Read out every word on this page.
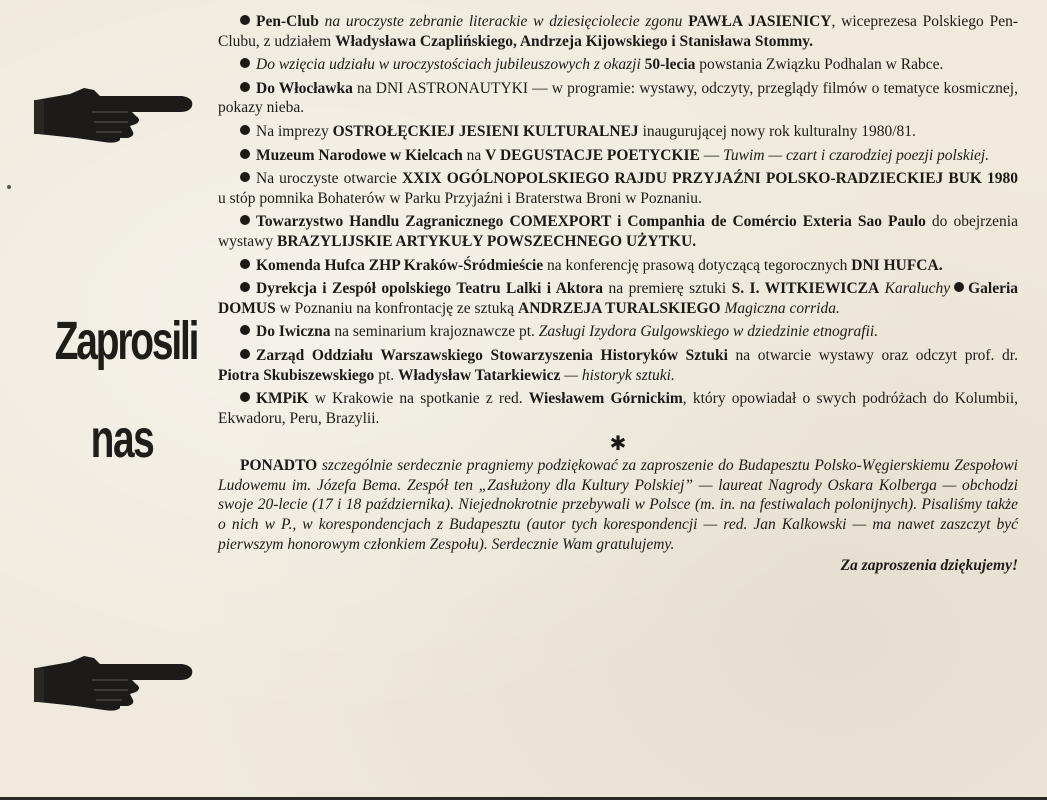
Zaprosili
nas

Pen-Club na uroczyste zebranie literackie w dziesięciolecie zgonu PAWŁA JASIENICY, wiceprezesa Polskiego Pen-Clubu, z udziałem Władysława Czaplińskiego, Andrzeja Kijowskiego i Stanisława Stommy.

Do wzięcia udziału w uroczystościach jubileuszowych z okazji 50-lecia powstania Związku Podhalan w Rabce.

Do Włocławka na DNI ASTRONAUTYKI — w programie: wystawy, odczyty, przeglądy filmów o tematyce kosmicznej, pokazy nieba.

Na imprezy OSTROŁĘCKIEJ JESIENI KULTURALNEJ inaugurującej nowy rok kulturalny 1980/81.

Muzeum Narodowe w Kielcach na V DEGUSTACJE POETYCKIE — Tuwim — czart i czarodziej poezji polskiej.

Na uroczyste otwarcie XXIX OGÓLNOPOLSKIEGO RAJDU PRZYJAŹNI POLSKO-RADZIECKIEJ BUK 1980 u stóp pomnika Bohaterów w Parku Przyjaźni i Braterstwa Broni w Poznaniu.

Towarzystwo Handlu Zagranicznego COMEXPORT i Companhia de Comércio Exteria Sao Paulo do obejrzenia wystawy BRAZYLIJSKIE ARTYKUŁY POWSZECHNEGO UŻYTKU.

Komenda Hufca ZHP Kraków-Śródmieście na konferencję prasową dotyczącą tegorocznych DNI HUFCA.

Dyrekcja i Zespół opolskiego Teatru Lalki i Aktora na premierę sztuki S. I. WITKIEWICZA Karaluchy Galeria DOMUS w Poznaniu na konfrontację ze sztuką ANDRZEJA TURALSKIEGO Magiczna corrida.

Do Iwiczna na seminarium krajoznawcze pt. Zasługi Izydora Gulgowskiego w dziedzinie etnografii.

Zarząd Oddziału Warszawskiego Stowarzyszenia Historyków Sztuki na otwarcie wystawy oraz odczyt prof. dr. Piotra Skubiszewskiego pt. Władysław Tatarkiewicz — historyk sztuki.

KMPiK w Krakowie na spotkanie z red. Wiesławem Górnickim, który opowiadał o swych podróżach do Kolumbii, Ekwadoru, Peru, Brazylii.

✱

PONADTO szczególnie serdecznie pragniemy podziękować za zaproszenie do Budapesztu Polsko-Węgierskiemu Zespołowi Ludowemu im. Józefa Bema. Zespół ten „Zasłużony dla Kultury Polskiej” — laureat Nagrody Oskara Kolberga — obchodzi swoje 20-lecie (17 i 18 października). Niejednokrotnie przebywali w Polsce (m. in. na festiwalach polonijnych). Pisaliśmy także o nich w P., w korespondencjach z Budapesztu (autor tych korespondencji — red. Jan Kalkowski — ma nawet zaszczyt być pierwszym honorowym członkiem Zespołu). Serdecznie Wam gratulujemy.

Za zaproszenia dziękujemy!
